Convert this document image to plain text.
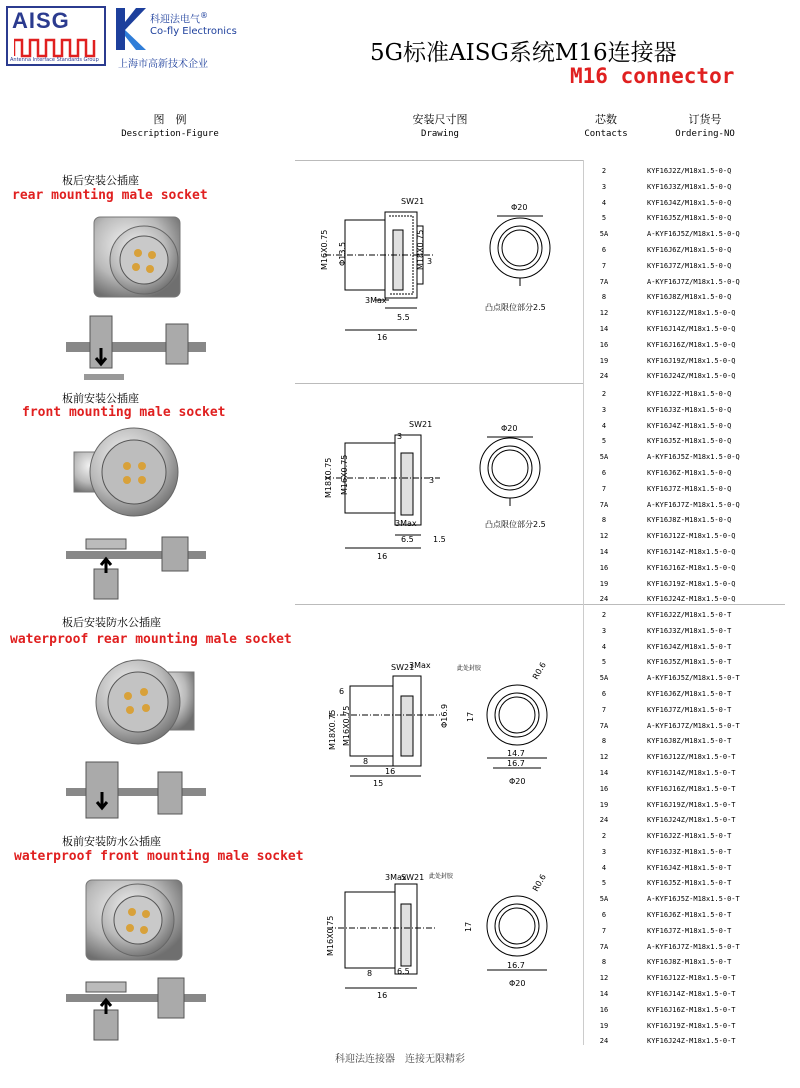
AISG
Antenna Interface Standards Group
K
科迎法电气®
Co-fly Electronics
上海市高新技术企业	5G标准AISG系统M16连接器
M16 connector
图　例
Description-Figure
安装尺寸图
Drawing
芯数
Contacts
订货号
Ordering-NO
板后安装公插座
rear mounting male socket
板前安装公插座
front mounting male socket
板后安装防水公插座
waterproof rear mounting male socket
板前安装防水公插座
waterproof front mounting male socket
SW21
M16X0.75 Φ13.5	M18X0.75 3
3Max
5.5
16
Φ20
凸点限位部分2.5
SW21
M18X0.75 M16X0.75
3
3
3Max
6.5 1.5
16
Φ20
凸点限位部分2.5
SW21
3Max
M18X0.75 M16X0.75	Φ16.9 17
6
8
16
15
14.7
16.7
Φ20
R0.6
此处封胶
SW21
3Max
M16X0.75	17
6.5
8
16
16.7
Φ20
R0.6
此处封胶
2	KYF16J2Z/M18x1.5-0-Q
3	KYF16J3Z/M18x1.5-0-Q
4	KYF16J4Z/M18x1.5-0-Q
5	KYF16J5Z/M18x1.5-0-Q
5A	A-KYF16J5Z/M18x1.5-0-Q
6	KYF16J6Z/M18x1.5-0-Q
7	KYF16J7Z/M18x1.5-0-Q
7A	A-KYF16J7Z/M18x1.5-0-Q
8	KYF16J8Z/M18x1.5-0-Q
12	KYF16J12Z/M18x1.5-0-Q
14	KYF16J14Z/M18x1.5-0-Q
16	KYF16J16Z/M18x1.5-0-Q
19	KYF16J19Z/M18x1.5-0-Q
24	KYF16J24Z/M18x1.5-0-Q
2	KYF16J2Z-M18x1.5-0-Q
3	KYF16J3Z-M18x1.5-0-Q
4	KYF16J4Z-M18x1.5-0-Q
5	KYF16J5Z-M18x1.5-0-Q
5A	A-KYF16J5Z-M18x1.5-0-Q
6	KYF16J6Z-M18x1.5-0-Q
7	KYF16J7Z-M18x1.5-0-Q
7A	A-KYF16J7Z-M18x1.5-0-Q
8	KYF16J8Z-M18x1.5-0-Q
12	KYF16J12Z-M18x1.5-0-Q
14	KYF16J14Z-M18x1.5-0-Q
16	KYF16J16Z-M18x1.5-0-Q
19	KYF16J19Z-M18x1.5-0-Q
24	KYF16J24Z-M18x1.5-0-Q
2	KYF16J2Z/M18x1.5-0-T
3	KYF16J3Z/M18x1.5-0-T
4	KYF16J4Z/M18x1.5-0-T
5	KYF16J5Z/M18x1.5-0-T
5A	A-KYF16J5Z/M18x1.5-0-T
6	KYF16J6Z/M18x1.5-0-T
7	KYF16J7Z/M18x1.5-0-T
7A	A-KYF16J7Z/M18x1.5-0-T
8	KYF16J8Z/M18x1.5-0-T
12	KYF16J12Z/M18x1.5-0-T
14	KYF16J14Z/M18x1.5-0-T
16	KYF16J16Z/M18x1.5-0-T
19	KYF16J19Z/M18x1.5-0-T
24	KYF16J24Z/M18x1.5-0-T
2	KYF16J2Z-M18x1.5-0-T
3	KYF16J3Z-M18x1.5-0-T
4	KYF16J4Z-M18x1.5-0-T
5	KYF16J5Z-M18x1.5-0-T
5A	A-KYF16J5Z-M18x1.5-0-T
6	KYF16J6Z-M18x1.5-0-T
7	KYF16J7Z-M18x1.5-0-T
7A	A-KYF16J7Z-M18x1.5-0-T
8	KYF16J8Z-M18x1.5-0-T
12	KYF16J12Z-M18x1.5-0-T
14	KYF16J14Z-M18x1.5-0-T
16	KYF16J16Z-M18x1.5-0-T
19	KYF16J19Z-M18x1.5-0-T
24	KYF16J24Z-M18x1.5-0-T
科迎法连接器　连接无限精彩
